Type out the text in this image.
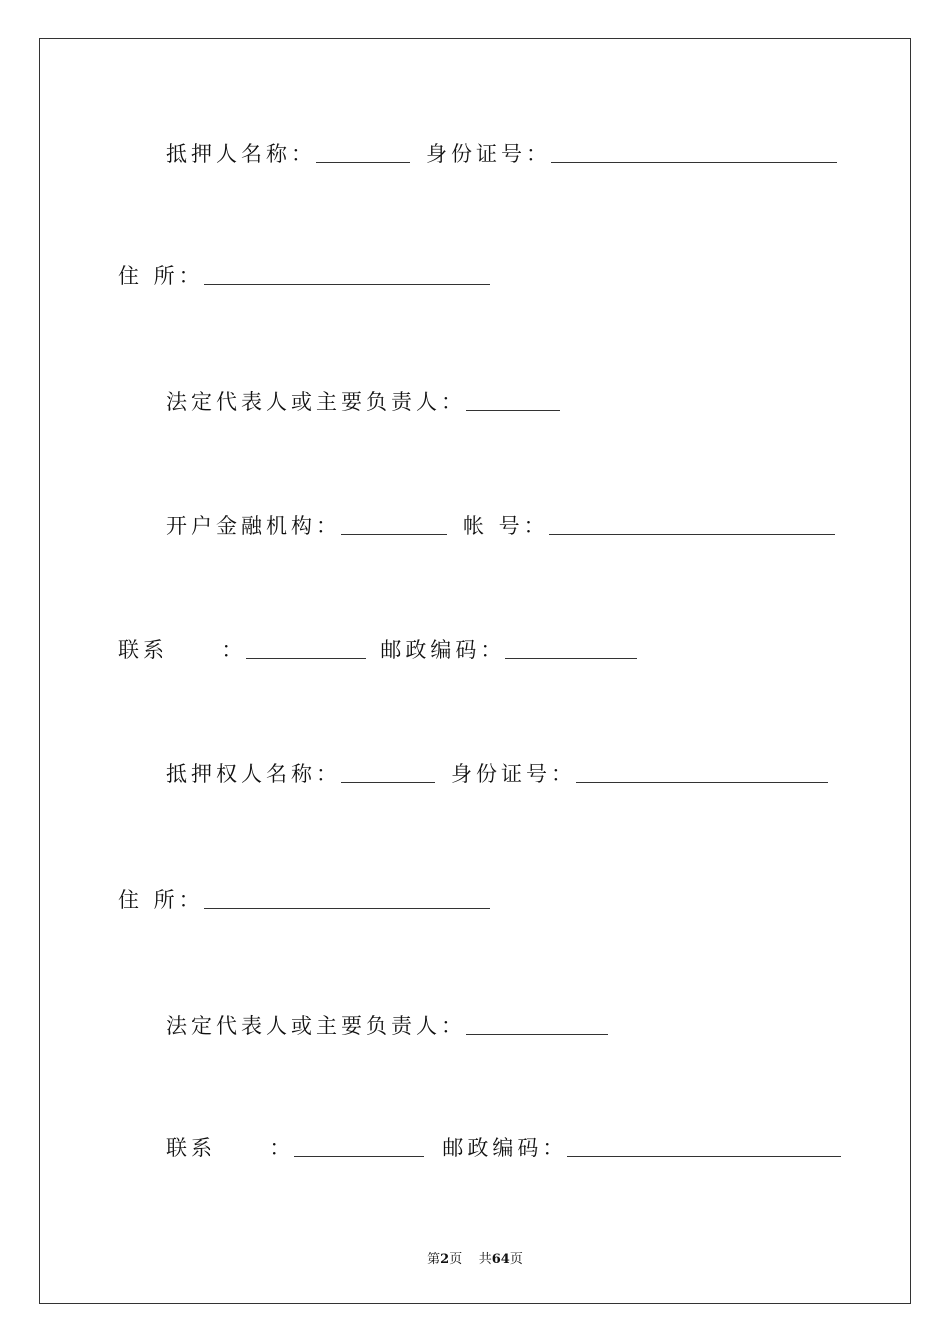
抵押人名称：	身份证号：
住 所：
法定代表人或主要负责人：
开户金融机构：	帐 号：
联系     ：	邮政编码：
抵押权人名称：	身份证号：
住 所：
法定代表人或主要负责人：
联系     ：	邮政编码：
第2页 共64页
